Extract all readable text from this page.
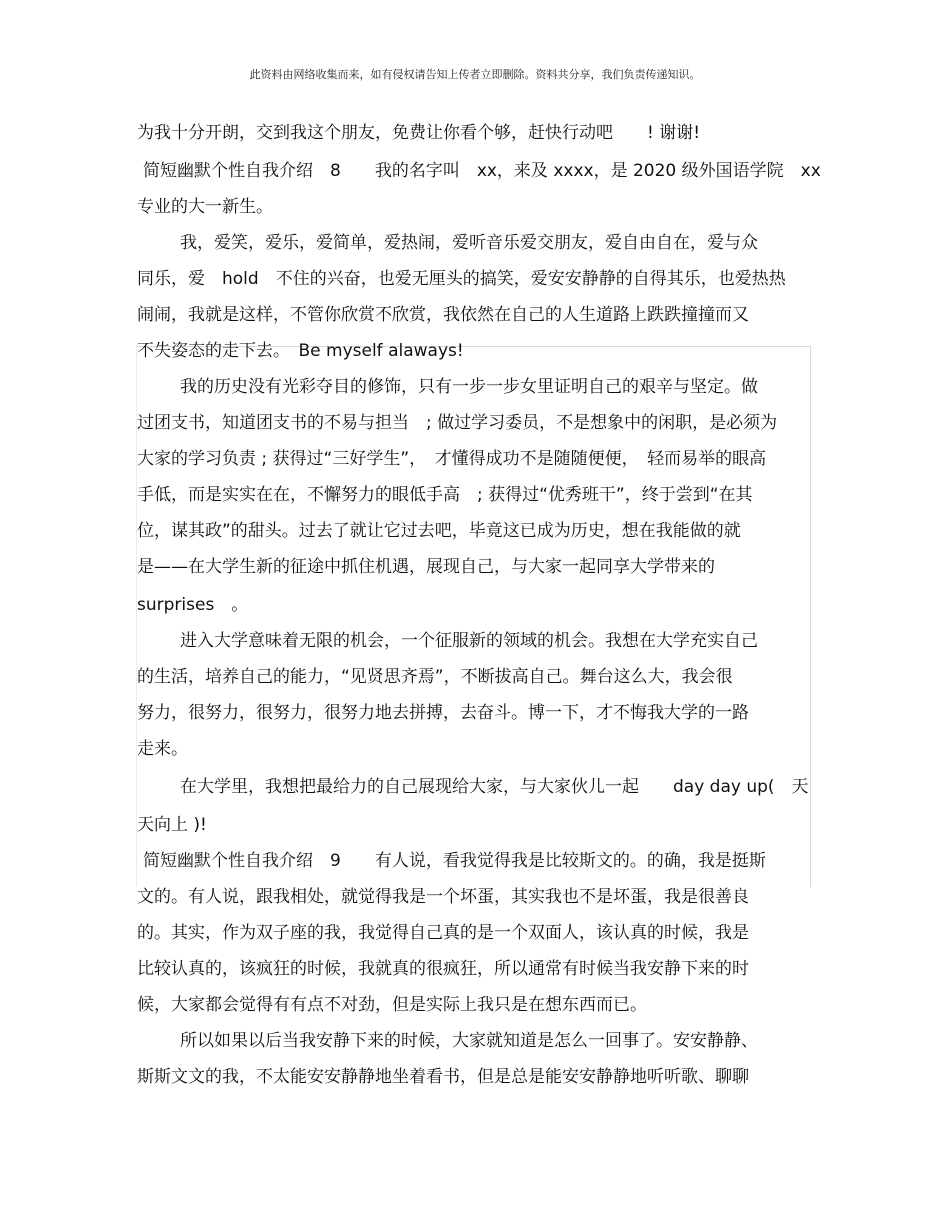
此资料由网络收集而来，如有侵权请告知上传者立即删除。资料共分享，我们负责传递知识。
为我十分开朗，交到我这个朋友，免费让你看个够，赶快行动吧　　! 谢谢!
简短幽默个性自我介绍　8　　我的名字叫　xx，来及 xxxx，是 2020 级外国语学院　xx
专业的大一新生。
我，爱笑，爱乐，爱简单，爱热闹，爱听音乐爱交朋友，爱自由自在，爱与众
同乐，爱　hold　不住的兴奋，也爱无厘头的搞笑，爱安安静静的自得其乐，也爱热热
闹闹，我就是这样，不管你欣赏不欣赏，我依然在自己的人生道路上跌跌撞撞而又
不失姿态的走下去。　Be myself alaways!
我的历史没有光彩夺目的修饰，只有一步一步女里证明自己的艰辛与坚定。做
过团支书，知道团支书的不易与担当　; 做过学习委员，不是想象中的闲职，是必须为
大家的学习负责 ; 获得过“三好学生”，　才懂得成功不是随随便便，　轻而易举的眼高
手低，而是实实在在，不懈努力的眼低手高　; 获得过“优秀班干”，终于尝到“在其
位，谋其政”的甜头。过去了就让它过去吧，毕竟这已成为历史，想在我能做的就
是——在大学生新的征途中抓住机遇，展现自己，与大家一起同享大学带来的
surprises　。
进入大学意味着无限的机会，一个征服新的领域的机会。我想在大学充实自己
的生活，培养自己的能力，“见贤思齐焉”，不断拔高自己。舞台这么大，我会很
努力，很努力，很努力，很努力地去拼搏，去奋斗。博一下，才不悔我大学的一路
走来。
在大学里，我想把最给力的自己展现给大家，与大家伙儿一起　　day day up(　天
天向上 )!
简短幽默个性自我介绍　9　　有人说，看我觉得我是比较斯文的。的确，我是挺斯
文的。有人说，跟我相处，就觉得我是一个坏蛋，其实我也不是坏蛋，我是很善良
的。其实，作为双子座的我，我觉得自己真的是一个双面人，该认真的时候，我是
比较认真的，该疯狂的时候，我就真的很疯狂，所以通常有时候当我安静下来的时
候，大家都会觉得有有点不对劲，但是实际上我只是在想东西而已。
所以如果以后当我安静下来的时候，大家就知道是怎么一回事了。安安静静、
斯斯文文的我，不太能安安静静地坐着看书，但是总是能安安静静地听听歌、聊聊
